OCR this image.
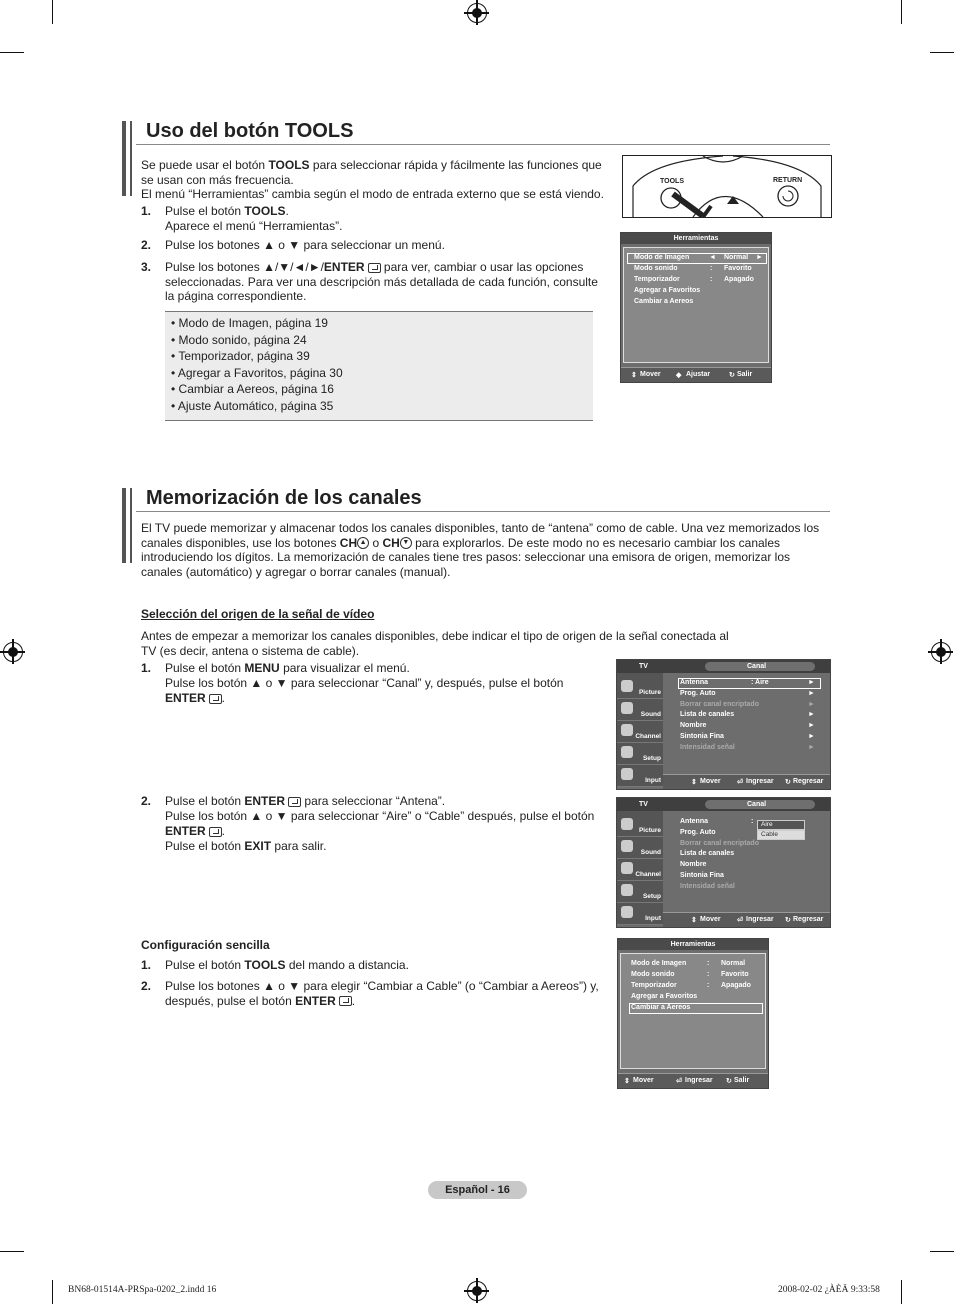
Uso del botón TOOLS
Se puede usar el botón TOOLS para seleccionar rápida y fácilmente las funciones que se usan con más frecuencia.
El menú “Herramientas” cambia según el modo de entrada externo que se está viendo.
1. Pulse el botón TOOLS.
Aparece el menú “Herramientas”.
2. Pulse los botones ▲ o ▼ para seleccionar un menú.
3. Pulse los botones ▲/▼/◄/►/ENTER para ver, cambiar o usar las opciones seleccionadas. Para ver una descripción más detallada de cada función, consulte la página correspondiente.
• Modo de Imagen, página 19
• Modo sonido, página 24
• Temporizador, página 39
• Agregar a Favoritos, página 30
• Cambiar a Aereos, página 16
• Ajuste Automático, página 35
TOOLS	RETURN
Herramientas
Modo de Imagen	◄ Normal ►
Modo sonido	: Favorito
Temporizador	: Apagado
Agregar a Favoritos
Cambiar a Aereos
⇕ Mover ◆ Ajustar	↻ Salir
Memorización de los canales
El TV puede memorizar y almacenar todos los canales disponibles, tanto de “antena” como de cable. Una vez memorizados los canales disponibles, use los botones CH ▲ o CH ▼ para explorarlos. De este modo no es necesario cambiar los canales introduciendo los dígitos. La memorización de canales tiene tres pasos: seleccionar una emisora de origen, memorizar los canales (automático) y agregar o borrar canales (manual).
Selección del origen de la señal de vídeo
Antes de empezar a memorizar los canales disponibles, debe indicar el tipo de origen de la señal conectada al TV (es decir, antena o sistema de cable).
1. Pulse el botón MENU para visualizar el menú.
Pulse los botón ▲ o ▼ para seleccionar “Canal” y, después, pulse el botón
ENTER .
2. Pulse el botón ENTER para seleccionar “Antena”.
Pulse los botón ▲ o ▼ para seleccionar “Aire” o “Cable” después, pulse el botón
ENTER .
Pulse el botón EXIT para salir.
Configuración sencilla
1. Pulse el botón TOOLS del mando a distancia.
2. Pulse los botones ▲ o ▼ para elegir “Cambiar a Cable” (o “Cambiar a Aereos”) y,
después, pulse el botón ENTER .
TV	Canal
Picture
Sound
Channel
Setup
Input
Antenna	: Aire	►
Prog. Auto	►
Borrar canal encriptado	►
Lista de canales	►
Nombre	►
Sintonia Fina	►
Intensidad señal	►
⇕ Mover ⏎ Ingresar ↻ Regresar
TV	Canal
Picture
Sound
Channel
Setup
Input
Antenna	:
Prog. Auto
Borrar canal encriptado
Lista de canales
Nombre
Sintonia Fina
Intensidad señal
Aire
Cable
⇕ Mover ⏎ Ingresar ↻ Regresar
Herramientas
Modo de Imagen	: Normal
Modo sonido	: Favorito
Temporizador	: Apagado
Agregar a Favoritos
Cambiar a Aereos
⇕ Mover	⏎ Ingresar ↻ Salir
Español - 16
BN68-01514A-PRSpa-0202_2.indd 16	2008-02-02 ¿ÀÈÄ 9:33:58
